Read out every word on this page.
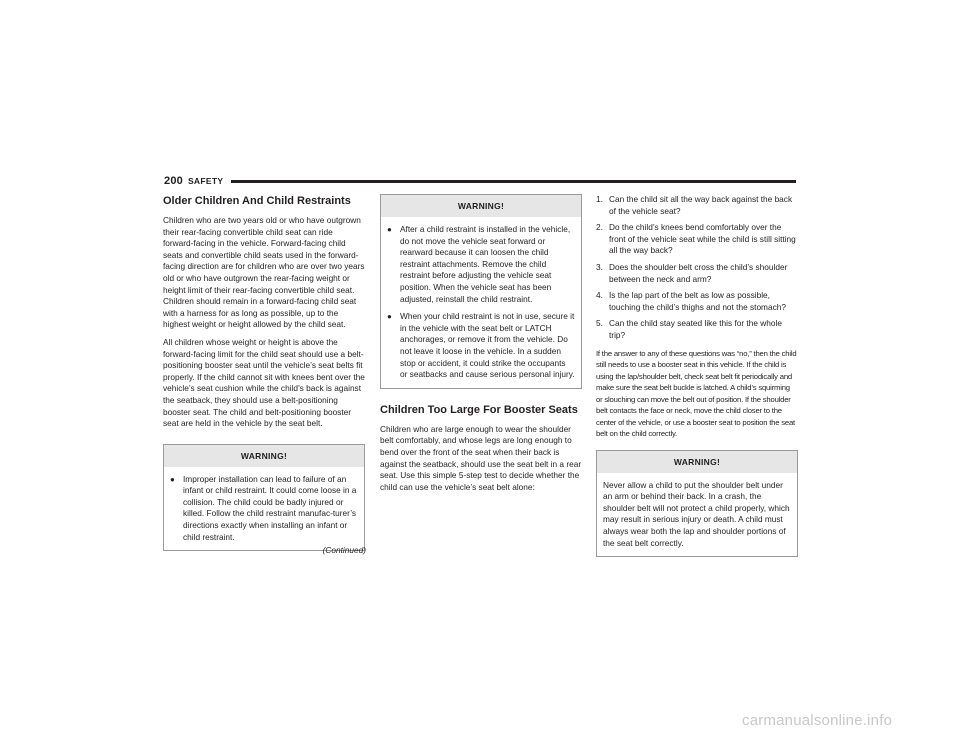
200 SAFETY
Older Children And Child Restraints

Children who are two years old or who have outgrown their rear-facing convertible child seat can ride forward-facing in the vehicle. Forward-facing child seats and convertible child seats used in the forward-facing direction are for children who are over two years old or who have outgrown the rear-facing weight or height limit of their rear-facing convertible child seat. Children should remain in a forward-facing child seat with a harness for as long as possible, up to the highest weight or height allowed by the child seat.

All children whose weight or height is above the forward-facing limit for the child seat should use a belt-positioning booster seat until the vehicle’s seat belts fit properly. If the child cannot sit with knees bent over the vehicle’s seat cushion while the child’s back is against the seatback, they should use a belt-positioning booster seat. The child and belt-positioning booster seat are held in the vehicle by the seat belt.

WARNING!
●
Improper installation can lead to failure of an infant or child restraint. It could come loose in a collision. The child could be badly injured or killed. Follow the child restraint manufac-turer’s directions exactly when installing an infant or child restraint.
(Continued)
WARNING!
●
After a child restraint is installed in the vehicle, do not move the vehicle seat forward or rearward because it can loosen the child restraint attachments. Remove the child restraint before adjusting the vehicle seat position. When the vehicle seat has been adjusted, reinstall the child restraint.
●
When your child restraint is not in use, secure it in the vehicle with the seat belt or LATCH anchorages, or remove it from the vehicle. Do not leave it loose in the vehicle. In a sudden stop or accident, it could strike the occupants or seatbacks and cause serious personal injury.
Children Too Large For Booster Seats

Children who are large enough to wear the shoulder belt comfortably, and whose legs are long enough to bend over the front of the seat when their back is against the seatback, should use the seat belt in a rear seat. Use this simple 5-step test to decide whether the child can use the vehicle’s seat belt alone:

1. Can the child sit all the way back against the back of the vehicle seat?
2. Do the child’s knees bend comfortably over the front of the vehicle seat while the child is still sitting all the way back?
3. Does the shoulder belt cross the child’s shoulder between the neck and arm?
4. Is the lap part of the belt as low as possible, touching the child’s thighs and not the stomach?
5. Can the child stay seated like this for the whole trip?

If the answer to any of these questions was “no,” then the child still needs to use a booster seat in this vehicle. If the child is using the lap/shoulder belt, check seat belt fit periodically and make sure the seat belt buckle is latched. A child’s squirming or slouching can move the belt out of position. If the shoulder belt contacts the face or neck, move the child closer to the center of the vehicle, or use a booster seat to position the seat belt on the child correctly.

WARNING!
Never allow a child to put the shoulder belt under an arm or behind their back. In a crash, the shoulder belt will not protect a child properly, which may result in serious injury or death. A child must always wear both the lap and shoulder portions of the seat belt correctly.
carmanualsonline.info
